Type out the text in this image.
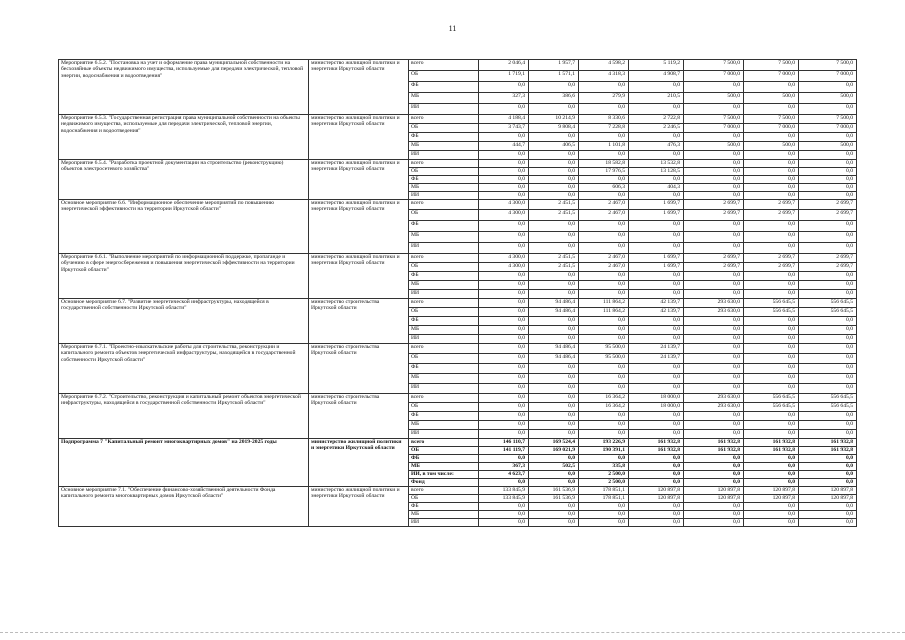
11
Мероприятие 6.5.2. "Постановка на учет и оформление права муниципальной собственности на бесхозяйные объекты недвижимого имущества, используемые для передачи электрической, тепловой энергии, водоснабжения и водоотведения"	министерство жилищной политики и энергетики Иркутской области	всего	2 046,4	1 957,7	4 598,2	5 119,2	7 500,0	7 500,0	7 500,0
		ОБ	1 719,1	1 571,1	4 318,3	4 908,7	7 000,0	7 000,0	7 000,0
		ФБ	0,0	0,0	0,0	0,0	0,0	0,0	0,0
		МБ	327,3	386,6	279,9	210,5	500,0	500,0	500,0
		ИИ	0,0	0,0	0,0	0,0	0,0	0,0	0,0
Мероприятие 6.5.3. "Государственная регистрация права муниципальной собственности на объекты недвижимого имущества, используемые для передачи электрической, тепловой энергии, водоснабжения и водоотведения"	министерство жилищной политики и энергетики Иркутской области	всего	4 188,4	10 214,9	8 330,6	2 722,8	7 500,0	7 500,0	7 500,0
		ОБ	3 743,7	9 808,4	7 228,8	2 246,5	7 000,0	7 000,0	7 000,0
		ФБ	0,0	0,0	0,0	0,0	0,0	0,0	0,0
		МБ	444,7	406,5	1 101,8	476,3	500,0	500,0	500,0
		ИИ	0,0	0,0	0,0	0,0	0,0	0,0	0,0
Мероприятие 6.5.4. "Разработка проектной документации на строительство (реконструкцию) объектов электросетевого хозяйства"	министерство жилищной политики и энергетики Иркутской области	всего	0,0	0,0	18 582,8	13 532,8	0,0	0,0	0,0
		ОБ	0,0	0,0	17 976,5	13 128,5	0,0	0,0	0,0
		ФБ	0,0	0,0	0,0	0,0	0,0	0,0	0,0
		МБ	0,0	0,0	606,3	404,3	0,0	0,0	0,0
		ИИ	0,0	0,0	0,0	0,0	0,0	0,0	0,0
Основное мероприятие 6.6. "Информационное обеспечение мероприятий по повышению энергетической эффективности на территории Иркутской области"	министерство жилищной политики и энергетики Иркутской области	всего	4 300,0	2 451,5	2 467,0	1 699,7	2 699,7	2 699,7	2 699,7
		ОБ	4 300,0	2 451,5	2 467,0	1 699,7	2 699,7	2 699,7	2 699,7
		ФБ	0,0	0,0	0,0	0,0	0,0	0,0	0,0
		МБ	0,0	0,0	0,0	0,0	0,0	0,0	0,0
		ИИ	0,0	0,0	0,0	0,0	0,0	0,0	0,0
Мероприятие 6.6.1. "Выполнение мероприятий по информационной поддержке, пропаганде и обучению в сфере энергосбережения и повышения энергетической эффективности на территории Иркутской области"	министерство жилищной политики и энергетики Иркутской области	всего	4 300,0	2 451,5	2 467,0	1 699,7	2 699,7	2 699,7	2 699,7
		ОБ	4 300,0	2 451,5	2 467,0	1 699,7	2 699,7	2 699,7	2 699,7
		ФБ	0,0	0,0	0,0	0,0	0,0	0,0	0,0
		МБ	0,0	0,0	0,0	0,0	0,0	0,0	0,0
		ИИ	0,0	0,0	0,0	0,0	0,0	0,0	0,0
Основное мероприятие 6.7. "Развитие энергетической инфраструктуры, находящейся в государственной собственности Иркутской области"	министерство строительства Иркутской области	всего	0,0	94 486,4	111 864,2	42 139,7	293 630,0	556 645,5	556 645,5
		ОБ	0,0	94 486,4	111 864,2	42 139,7	293 630,0	556 645,5	556 645,5
		ФБ	0,0	0,0	0,0	0,0	0,0	0,0	0,0
		МБ	0,0	0,0	0,0	0,0	0,0	0,0	0,0
		ИИ	0,0	0,0	0,0	0,0	0,0	0,0	0,0
Мероприятие 6.7.1. "Проектно-изыскательские работы для строительства, реконструкции и капитального ремонта объектов энергетической инфраструктуры, находящейся в государственной собственности Иркутской области"	министерство строительства Иркутской области	всего	0,0	94 486,4	95 500,0	24 139,7	0,0	0,0	0,0
		ОБ	0,0	94 486,4	95 500,0	24 139,7	0,0	0,0	0,0
		ФБ	0,0	0,0	0,0	0,0	0,0	0,0	0,0
		МБ	0,0	0,0	0,0	0,0	0,0	0,0	0,0
		ИИ	0,0	0,0	0,0	0,0	0,0	0,0	0,0
Мероприятие 6.7.2. "Строительство, реконструкция и капитальный ремонт объектов энергетической инфраструктуры, находящейся в государственной собственности Иркутской области"	министерство строительства Иркутской области	всего	0,0	0,0	16 364,2	18 000,0	293 630,0	556 645,5	556 645,5
		ОБ	0,0	0,0	16 364,2	18 000,0	293 630,0	556 645,5	556 645,5
		ФБ	0,0	0,0	0,0	0,0	0,0	0,0	0,0
		МБ	0,0	0,0	0,0	0,0	0,0	0,0	0,0
		ИИ	0,0	0,0	0,0	0,0	0,0	0,0	0,0
Подпрограмма 7 "Капитальный ремонт многоквартирных домов" на 2019-2025 годы	министерство жилищной политики и энергетики Иркутской области	всего	146 110,7	169 524,4	193 226,9	161 932,8	161 932,8	161 932,8	161 932,8
		ОБ	141 119,7	169 021,9	190 391,1	161 932,8	161 932,8	161 932,8	161 932,8
		ФБ	0,0	0,0	0,0	0,0	0,0	0,0	0,0
		МБ	367,3	502,5	335,8	0,0	0,0	0,0	0,0
		ИИ, в том числе:	4 623,7	0,0	2 500,0	0,0	0,0	0,0	0,0
		Фонд	0,0	0,0	2 500,0	0,0	0,0	0,0	0,0
Основное мероприятие 7.1. "Обеспечение финансово-хозяйственной деятельности Фонда капитального ремонта многоквартирных домов Иркутской области"	министерство жилищной политики и энергетики Иркутской области	всего	133 845,9	161 536,9	178 851,1	120 897,8	120 897,8	120 897,8	120 897,8
		ОБ	133 845,9	161 536,9	178 851,1	120 897,8	120 897,8	120 897,8	120 897,8
		ФБ	0,0	0,0	0,0	0,0	0,0	0,0	0,0
		МБ	0,0	0,0	0,0	0,0	0,0	0,0	0,0
		ИИ	0,0	0,0	0,0	0,0	0,0	0,0	0,0
